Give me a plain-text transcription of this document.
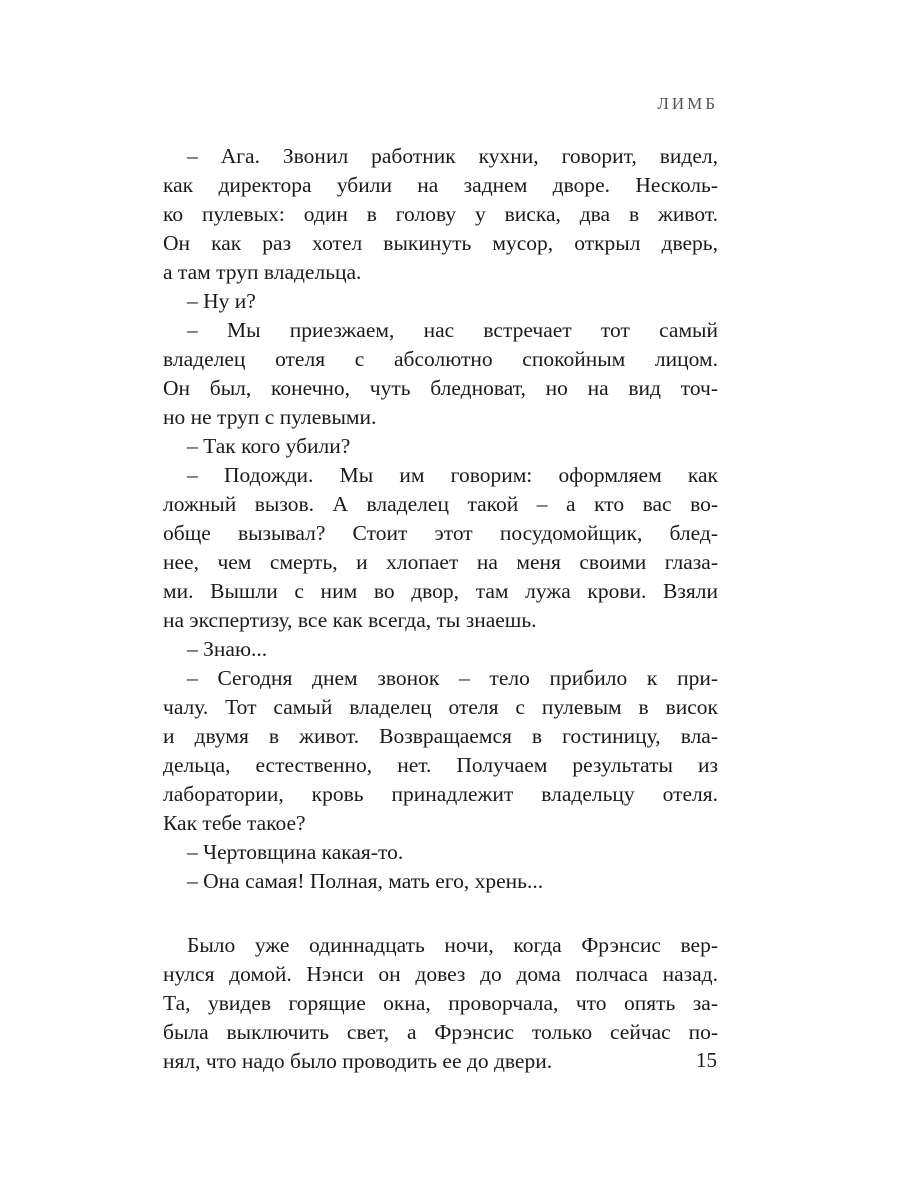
ЛИМБ
– Ага. Звонил работник кухни, говорит, видел,
как директора убили на заднем дворе. Несколь-
ко пулевых: один в голову у виска, два в живот.
Он как раз хотел выкинуть мусор, открыл дверь,
а там труп владельца.
– Ну и?
– Мы приезжаем, нас встречает тот самый
владелец отеля с абсолютно спокойным лицом.
Он был, конечно, чуть бледноват, но на вид точ-
но не труп с пулевыми.
– Так кого убили?
– Подожди. Мы им говорим: оформляем как
ложный вызов. А владелец такой – а кто вас во-
обще вызывал? Стоит этот посудомойщик, блед-
нее, чем смерть, и хлопает на меня своими глаза-
ми. Вышли с ним во двор, там лужа крови. Взяли
на экспертизу, все как всегда, ты знаешь.
– Знаю...
– Сегодня днем звонок – тело прибило к при-
чалу. Тот самый владелец отеля с пулевым в висок
и двумя в живот. Возвращаемся в гостиницу, вла-
дельца, естественно, нет. Получаем результаты из
лаборатории, кровь принадлежит владельцу отеля.
Как тебе такое?
– Чертовщина какая-то.
– Она самая! Полная, мать его, хрень...
Было уже одиннадцать ночи, когда Фрэнсис вер-
нулся домой. Нэнси он довез до дома полчаса назад.
Та, увидев горящие окна, проворчала, что опять за-
была выключить свет, а Фрэнсис только сейчас по-
нял, что надо было проводить ее до двери.	15
